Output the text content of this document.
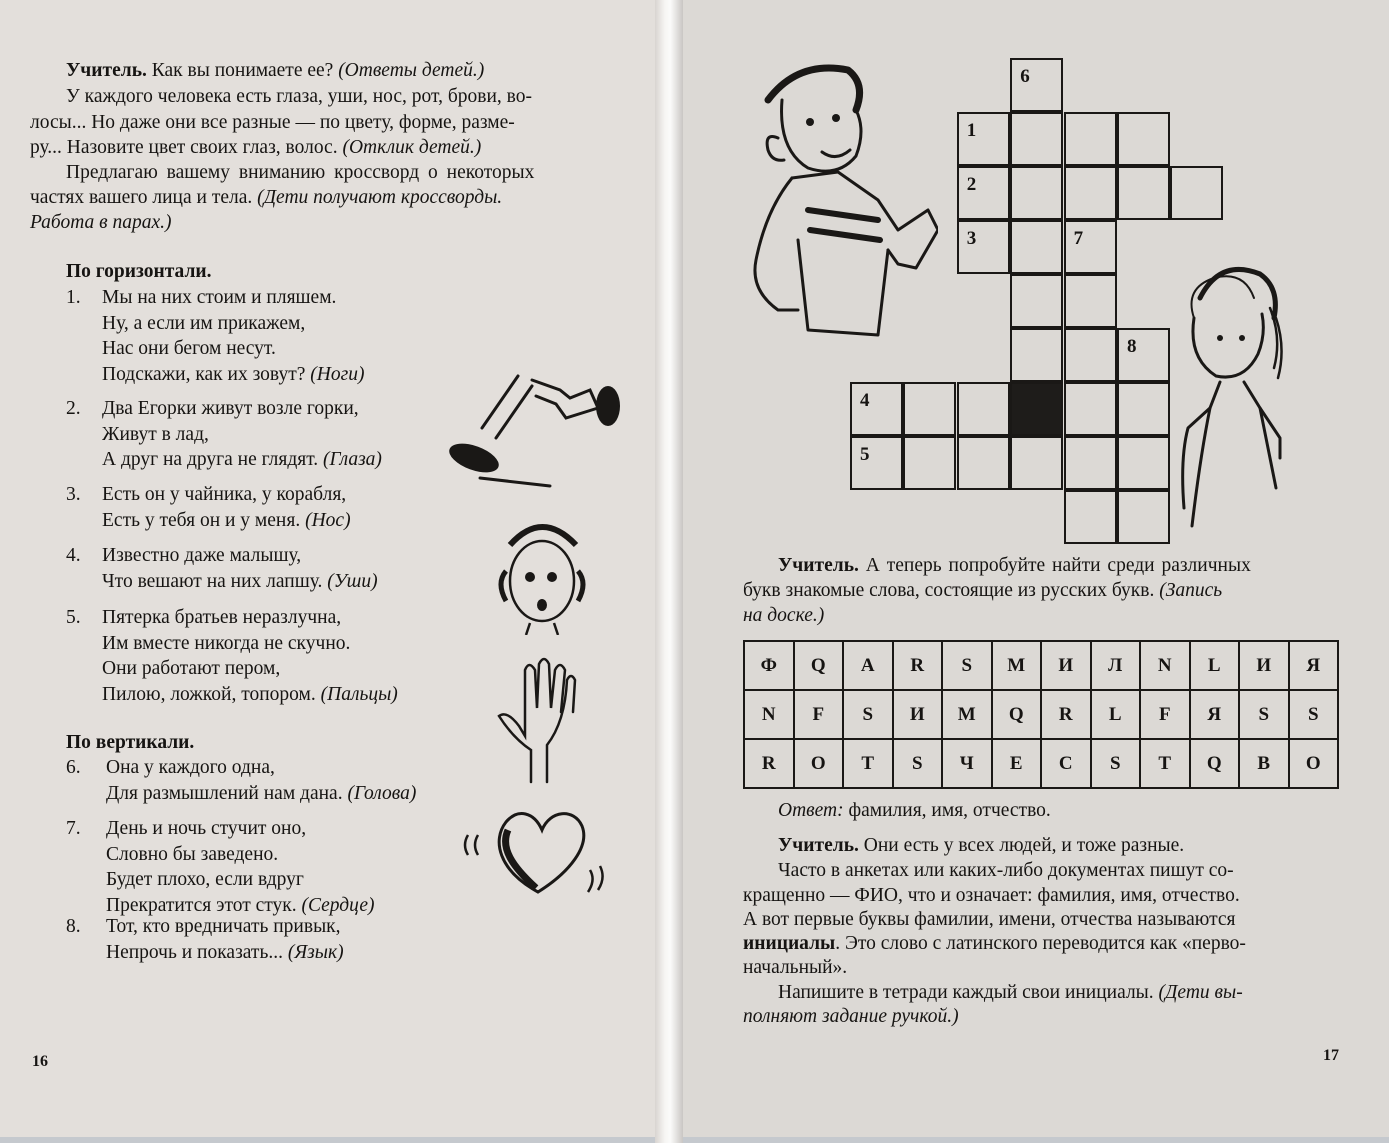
Учитель. Как вы понимаете ее? (Ответы детей.)
У каждого человека есть глаза, уши, нос, рот, брови, во-
лосы... Но даже они все разные — по цвету, форме, разме-
ру... Назовите цвет своих глаз, волос. (Отклик детей.)
Предлагаю вашему вниманию кроссворд о некоторых
частях вашего лица и тела. (Дети получают кроссворды.
Работа в парах.)
По горизонтали.
1. Мы на них стоим и пляшем.
Ну, а если им прикажем,
Нас они бегом несут.
Подскажи, как их зовут? (Ноги)
2. Два Егорки живут возле горки,
Живут в лад,
А друг на друга не глядят. (Глаза)
3. Есть он у чайника, у корабля,
Есть у тебя он и у меня. (Нос)
4. Известно даже малышу,
Что вешают на них лапшу. (Уши)
5. Пятерка братьев неразлучна,
Им вместе никогда не скучно.
Они работают пером,
Пилою, ложкой, топором. (Пальцы)
По вертикали.
6. Она у каждого одна,
Для размышлений нам дана. (Голова)
7. День и ночь стучит оно,
Словно бы заведено.
Будет плохо, если вдруг
Прекратится этот стук. (Сердце)
8. Тот, кто вредничать привык,
Непрочь и показать... (Язык)
16
6
1
2
3	7
8
4
5
Учитель. А теперь попробуйте найти среди различных
букв знакомые слова, состоящие из русских букв. (Запись
на доске.)
Ф	Q	A	R	S	M	И	Л	N	L	И	Я
N	F	S	И	M	Q	R	L	F	Я	S	S
R	O	T	S	Ч	E	C	S	T	Q	B	O
Ответ: фамилия, имя, отчество.
Учитель. Они есть у всех людей, и тоже разные.
Часто в анкетах или каких-либо документах пишут со-
кращенно — ФИО, что и означает: фамилия, имя, отчество.
А вот первые буквы фамилии, имени, отчества называются
инициалы. Это слово с латинского переводится как «перво-
начальный».
Напишите в тетради каждый свои инициалы. (Дети вы-
полняют задание ручкой.)
17
